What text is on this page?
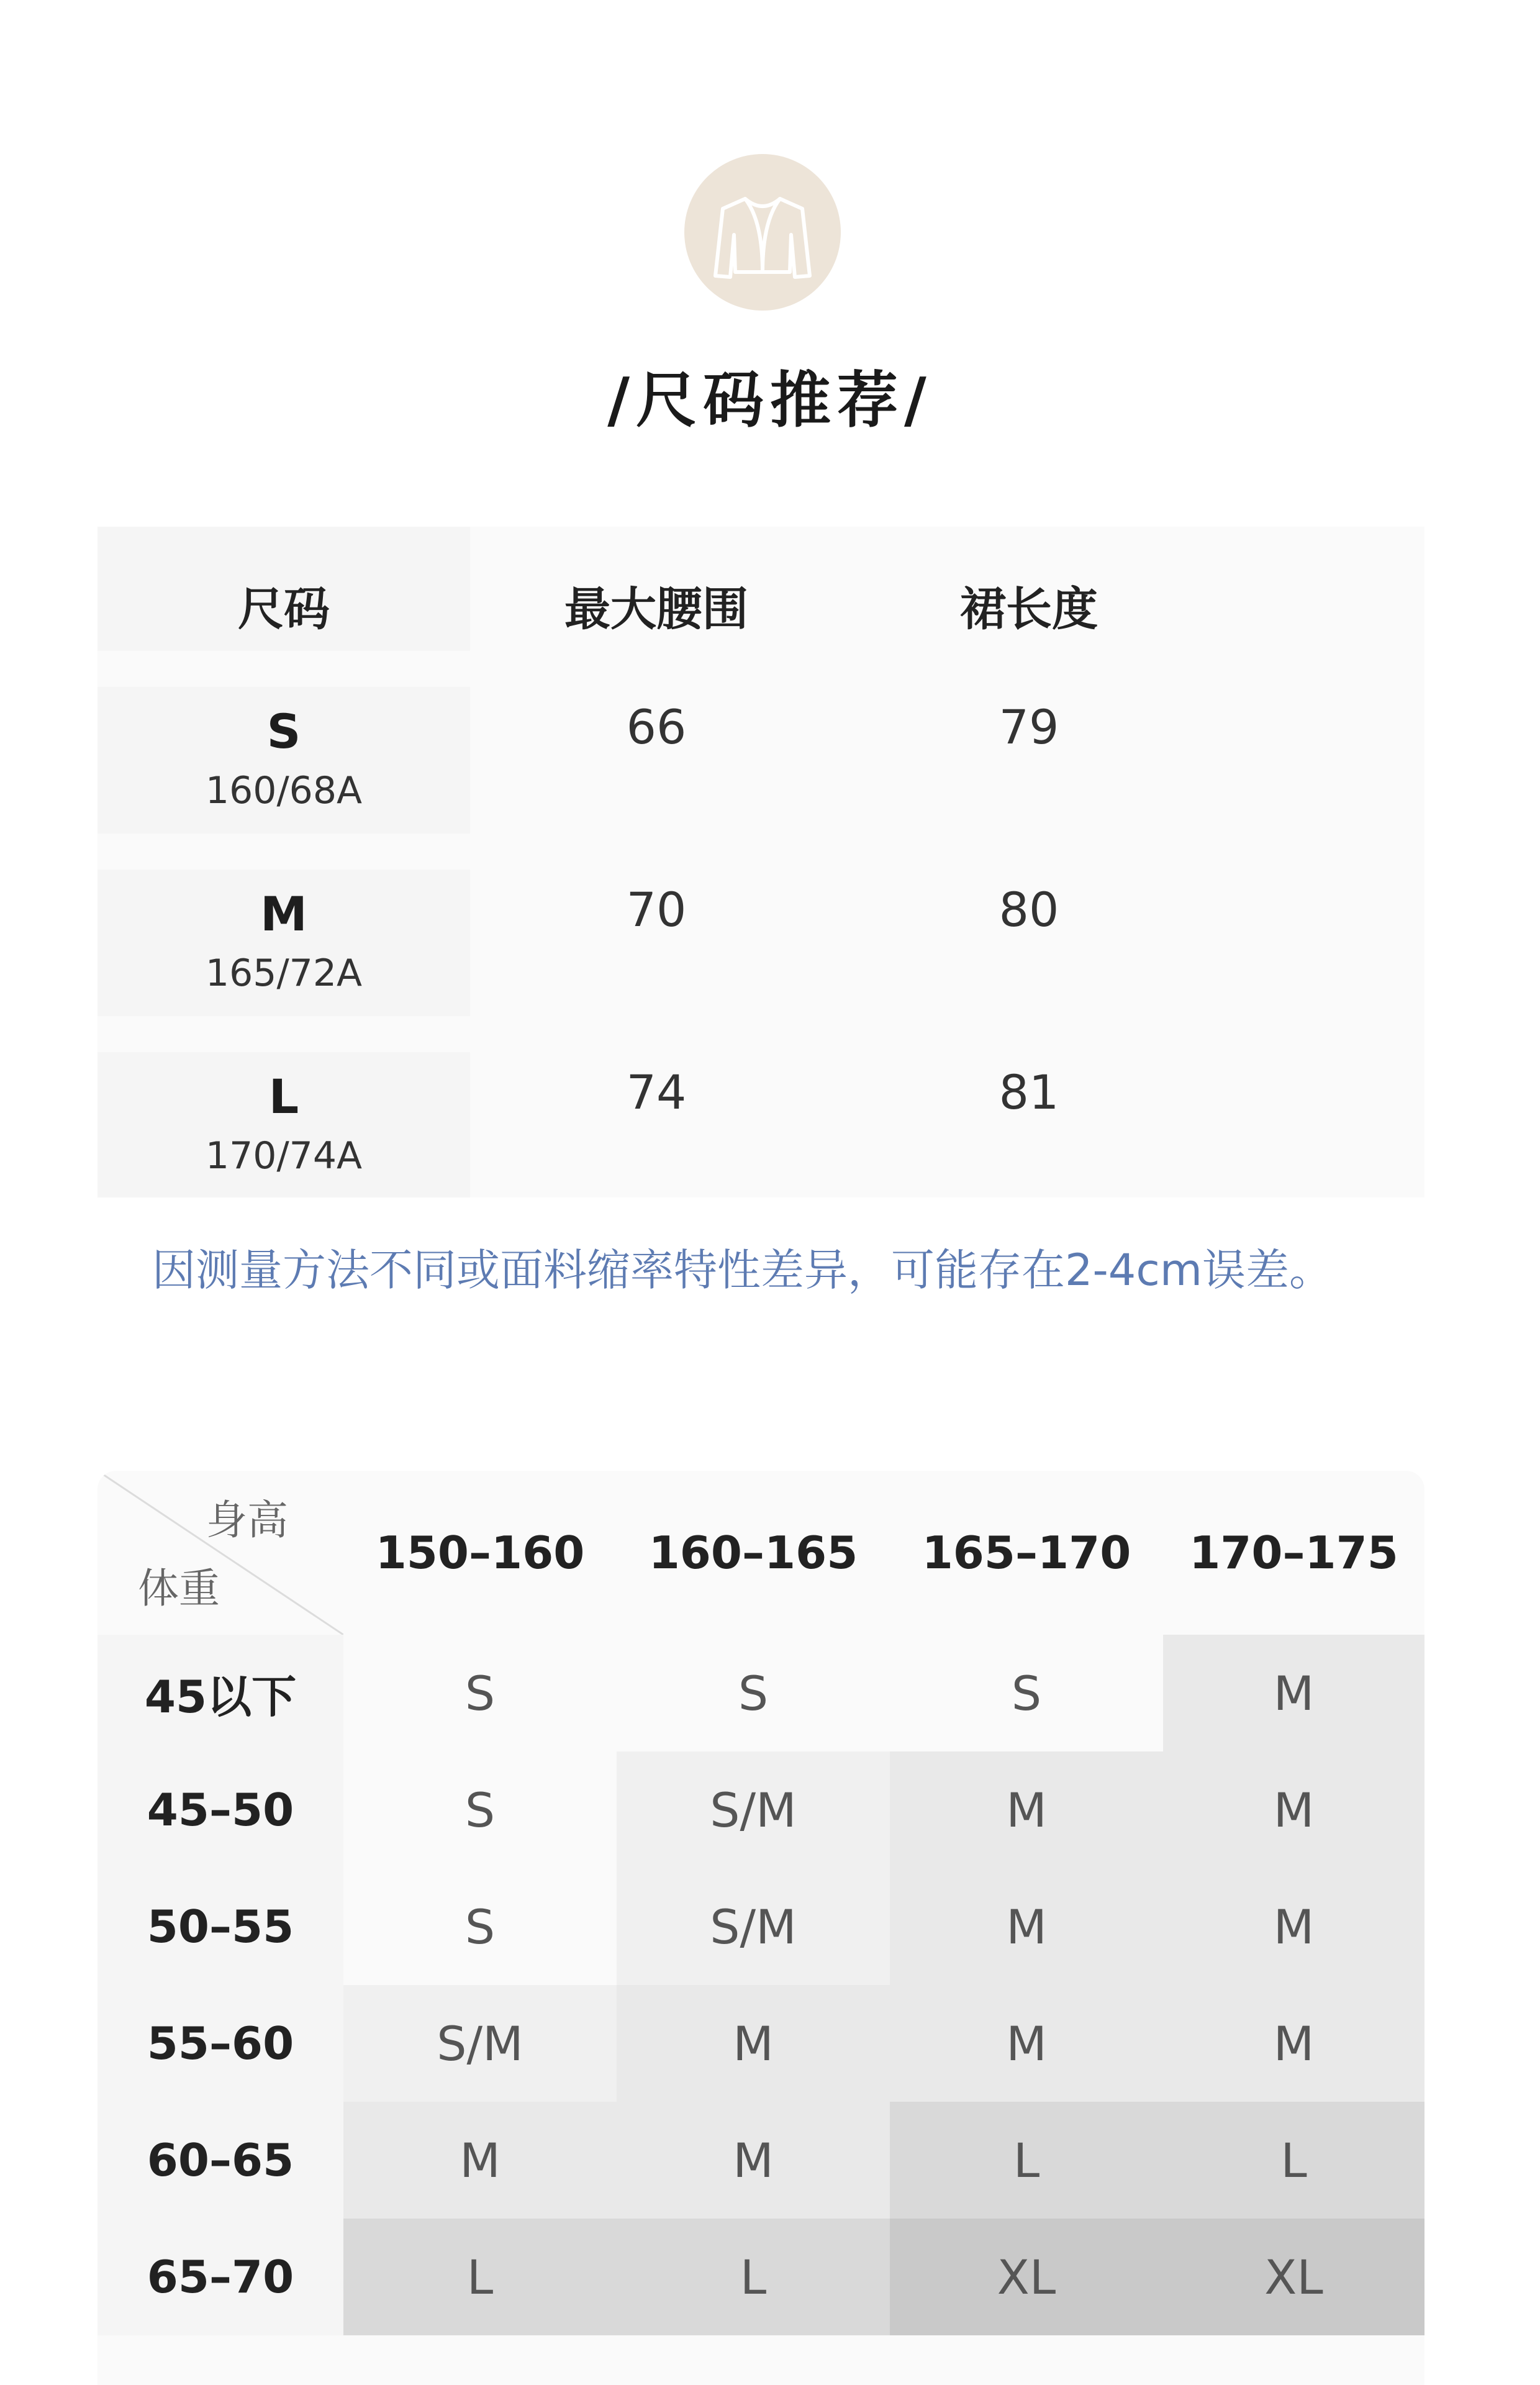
/尺码推荐/
尺码	最大腰围	裙长度
S
160/68A
66	79
M
165/72A
70	80
L
170/74A
74	81
因测量方法不同或面料缩率特性差异，可能存在2-4cm误差。
身高
体重
150–160	160–165	165–170	170–175
45以下	S	S	S	M
45–50	S	S/M	M	M
50–55	S	S/M	M	M
55–60	S/M	M	M	M
60–65	M	M	L	L
65–70	L	L	XL	XL
